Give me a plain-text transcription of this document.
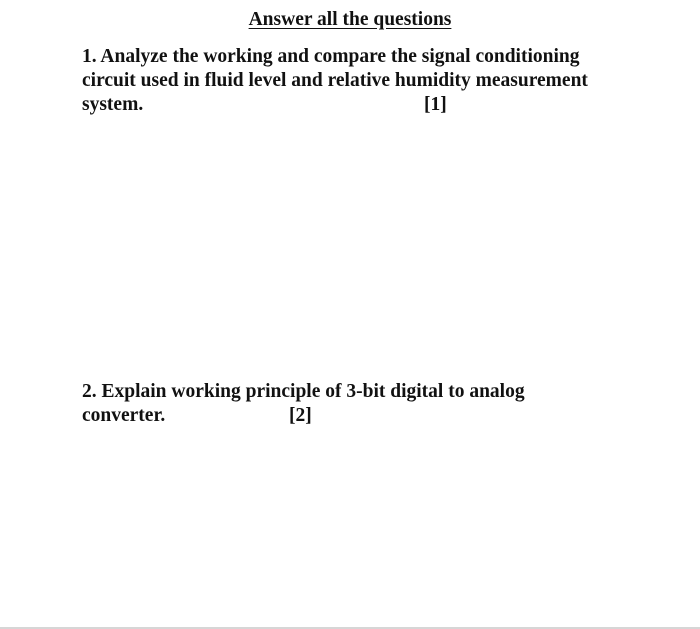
Answer all the questions
1. Analyze the working and compare the signal conditioning
circuit used in fluid level and relative humidity measurement
system.	[1]
2. Explain working principle of 3-bit digital to analog
converter.	[2]
